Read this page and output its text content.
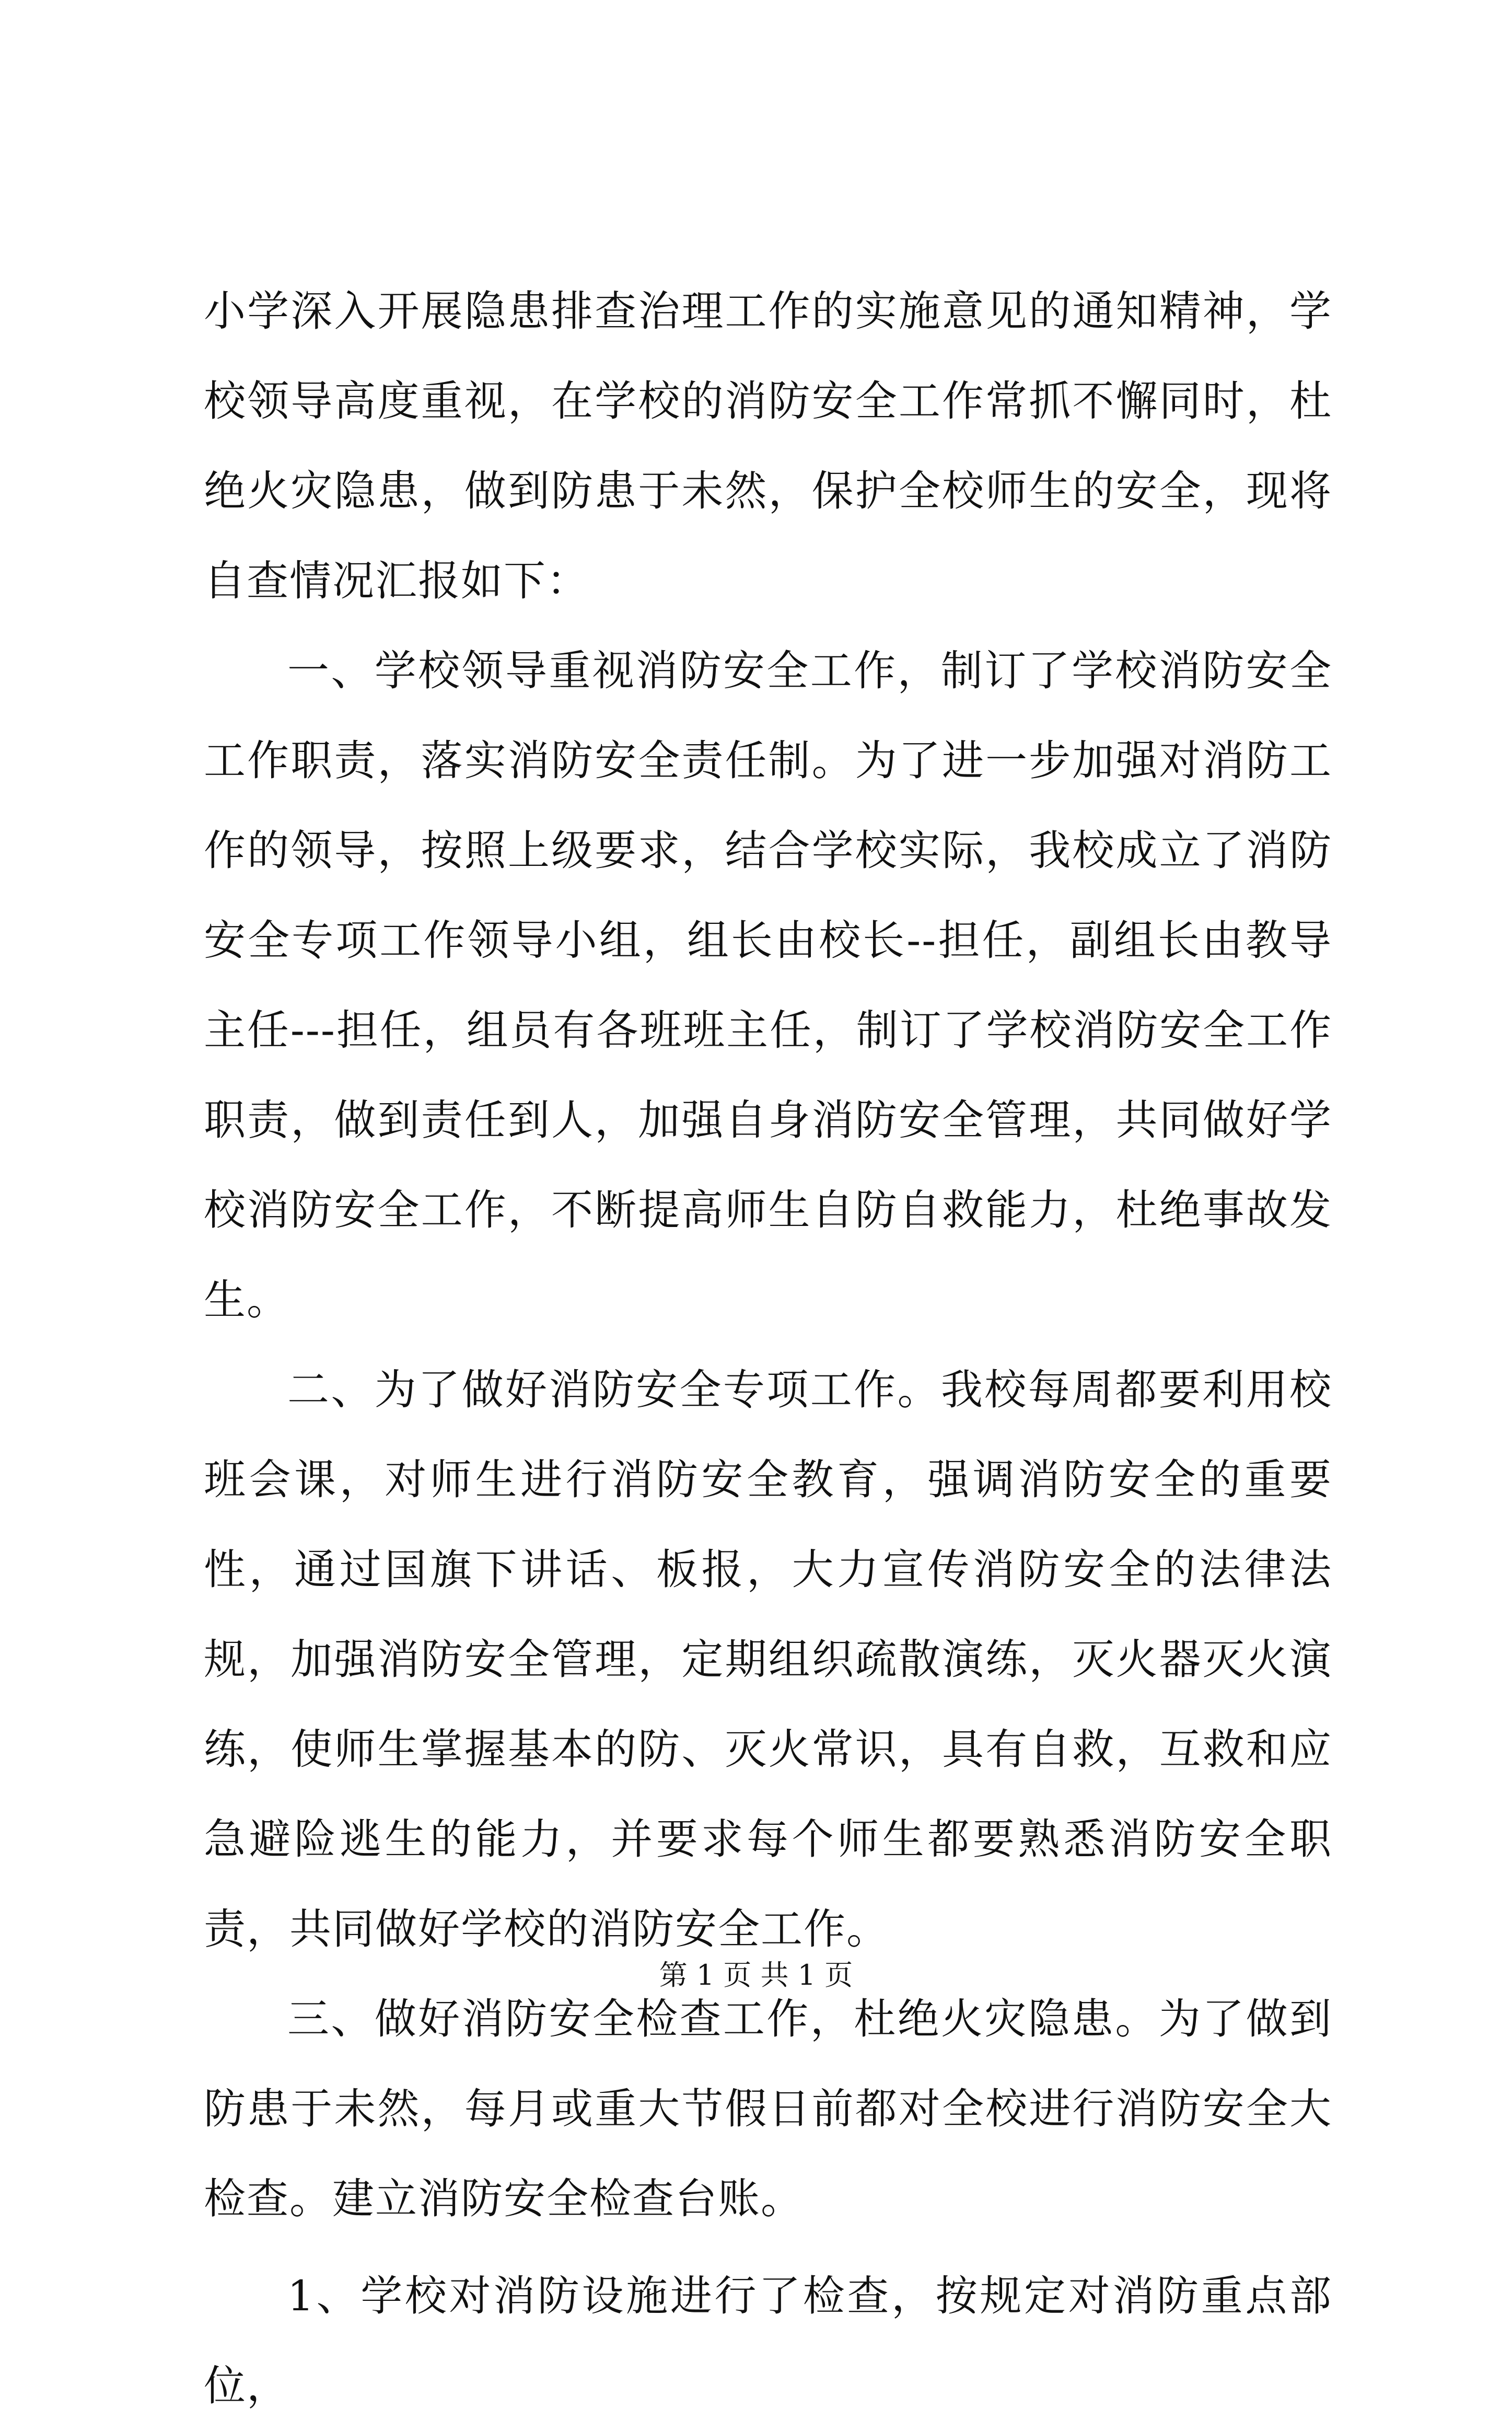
小学深入开展隐患排查治理工作的实施意见的通知精神，学校领导高度重视，在学校的消防安全工作常抓不懈同时，杜绝火灾隐患，做到防患于未然，保护全校师生的安全，现将自查情况汇报如下：

一、学校领导重视消防安全工作，制订了学校消防安全工作职责，落实消防安全责任制。为了进一步加强对消防工作的领导，按照上级要求，结合学校实际，我校成立了消防安全专项工作领导小组，组长由校长--担任，副组长由教导主任---担任，组员有各班班主任，制订了学校消防安全工作职责，做到责任到人，加强自身消防安全管理，共同做好学校消防安全工作，不断提高师生自防自救能力，杜绝事故发生。

二、为了做好消防安全专项工作。我校每周都要利用校班会课，对师生进行消防安全教育，强调消防安全的重要性，通过国旗下讲话、板报，大力宣传消防安全的法律法规，加强消防安全管理，定期组织疏散演练，灭火器灭火演练，使师生掌握基本的防、灭火常识，具有自救，互救和应急避险逃生的能力，并要求每个师生都要熟悉消防安全职责，共同做好学校的消防安全工作。

三、做好消防安全检查工作，杜绝火灾隐患。为了做到防患于未然，每月或重大节假日前都对全校进行消防安全大检查。建立消防安全检查台账。

1、学校对消防设施进行了检查，按规定对消防重点部位，

第 1 页 共 1 页
